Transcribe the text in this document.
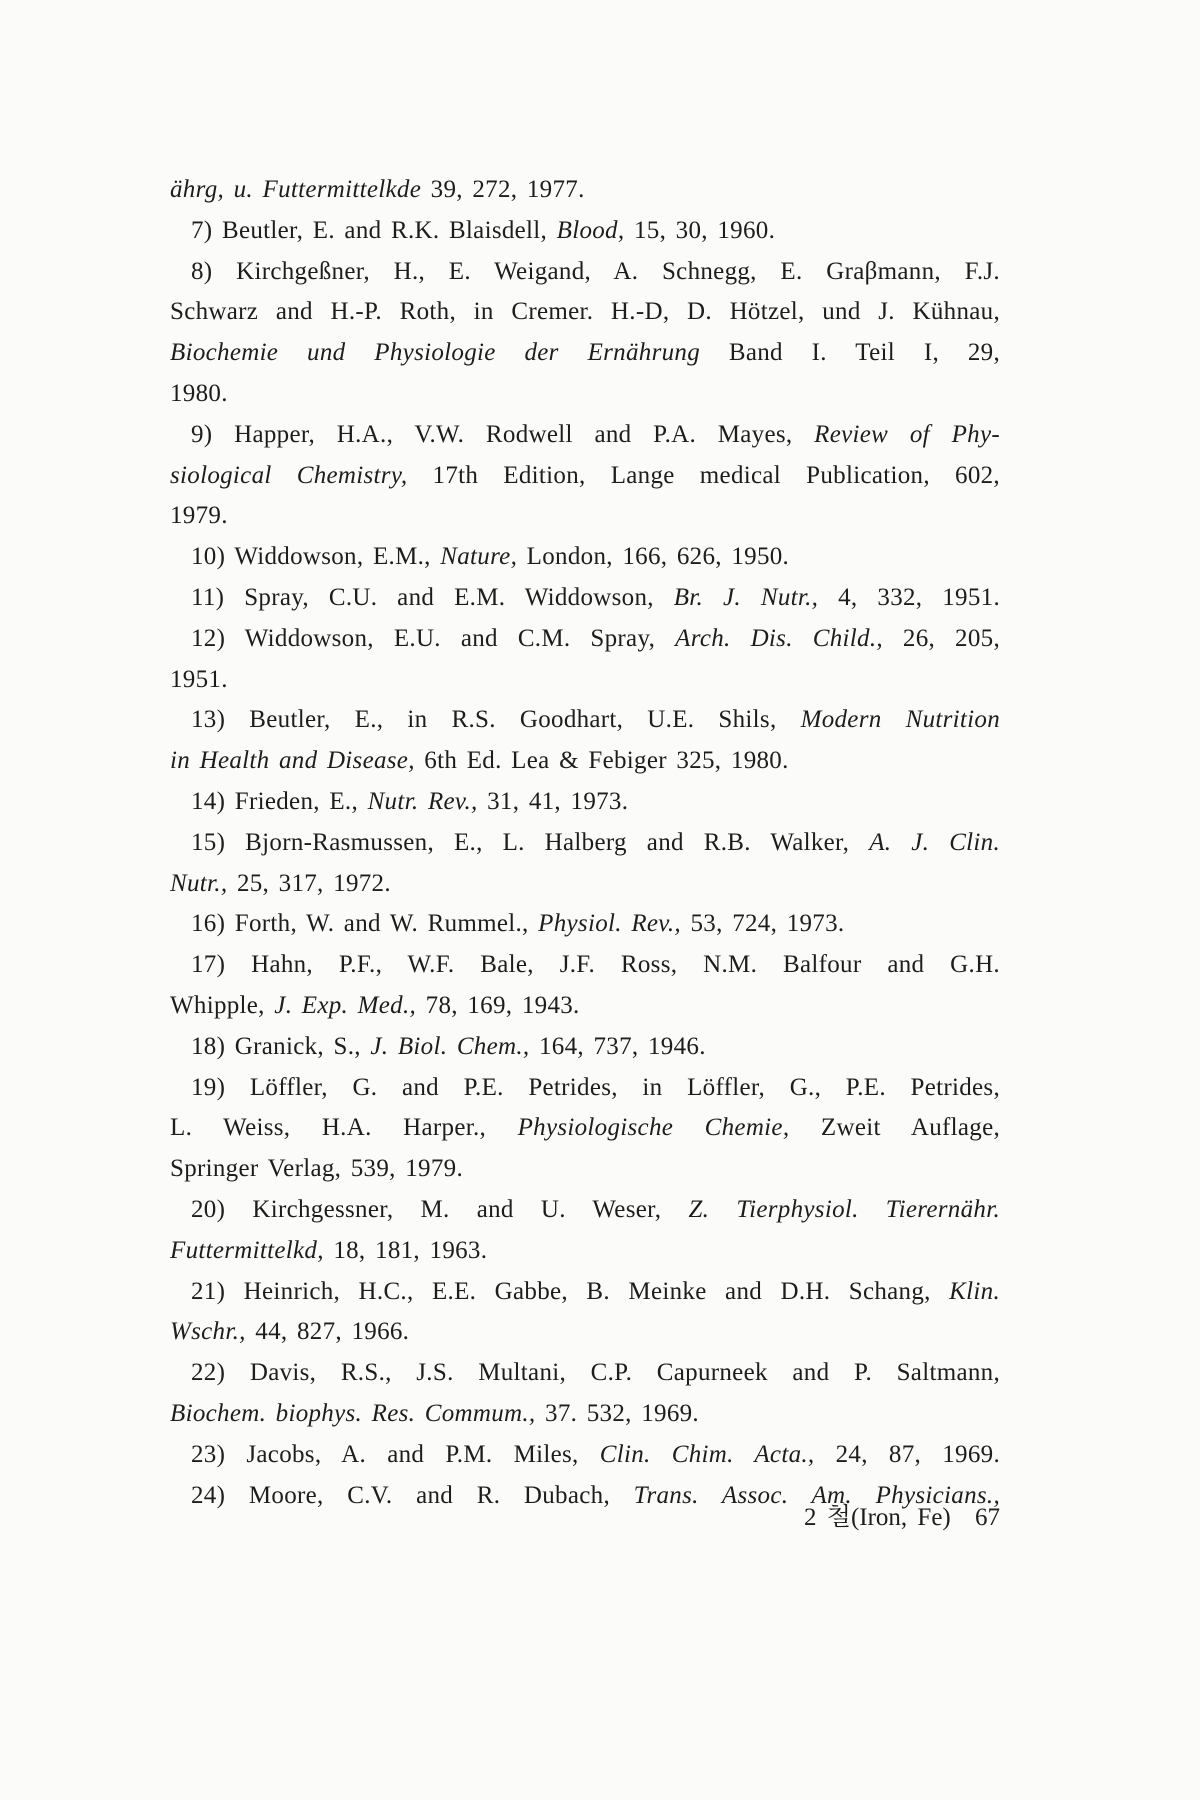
ährg, u. Futtermittelkde 39, 272, 1977.
7) Beutler, E. and R.K. Blaisdell, Blood, 15, 30, 1960.
8) Kirchgeßner, H., E. Weigand, A. Schnegg, E. Graβmann, F.J.
Schwarz and H.-P. Roth, in Cremer. H.-D, D. Hötzel, und J. Kühnau,
Biochemie und Physiologie der Ernährung Band I. Teil I, 29,
1980.
9) Happer, H.A., V.W. Rodwell and P.A. Mayes, Review of Phy-
siological Chemistry, 17th Edition, Lange medical Publication, 602,
1979.
10) Widdowson, E.M., Nature, London, 166, 626, 1950.
11) Spray, C.U. and E.M. Widdowson, Br. J. Nutr., 4, 332, 1951.
12) Widdowson, E.U. and C.M. Spray, Arch. Dis. Child., 26, 205,
1951.
13) Beutler, E., in R.S. Goodhart, U.E. Shils, Modern Nutrition
in Health and Disease, 6th Ed. Lea & Febiger 325, 1980.
14) Frieden, E., Nutr. Rev., 31, 41, 1973.
15) Bjorn-Rasmussen, E., L. Halberg and R.B. Walker, A. J. Clin.
Nutr., 25, 317, 1972.
16) Forth, W. and W. Rummel., Physiol. Rev., 53, 724, 1973.
17) Hahn, P.F., W.F. Bale, J.F. Ross, N.M. Balfour and G.H.
Whipple, J. Exp. Med., 78, 169, 1943.
18) Granick, S., J. Biol. Chem., 164, 737, 1946.
19) Löffler, G. and P.E. Petrides, in Löffler, G., P.E. Petrides,
L. Weiss, H.A. Harper., Physiologische Chemie, Zweit Auflage,
Springer Verlag, 539, 1979.
20) Kirchgessner, M. and U. Weser, Z. Tierphysiol. Tierernähr.
Futtermittelkd, 18, 181, 1963.
21) Heinrich, H.C., E.E. Gabbe, B. Meinke and D.H. Schang, Klin.
Wschr., 44, 827, 1966.
22) Davis, R.S., J.S. Multani, C.P. Capurneek and P. Saltmann,
Biochem. biophys. Res. Commum., 37. 532, 1969.
23) Jacobs, A. and P.M. Miles, Clin. Chim. Acta., 24, 87, 1969.
24) Moore, C.V. and R. Dubach, Trans. Assoc. Am. Physicians.,
2 철(Iron, Fe) 67
